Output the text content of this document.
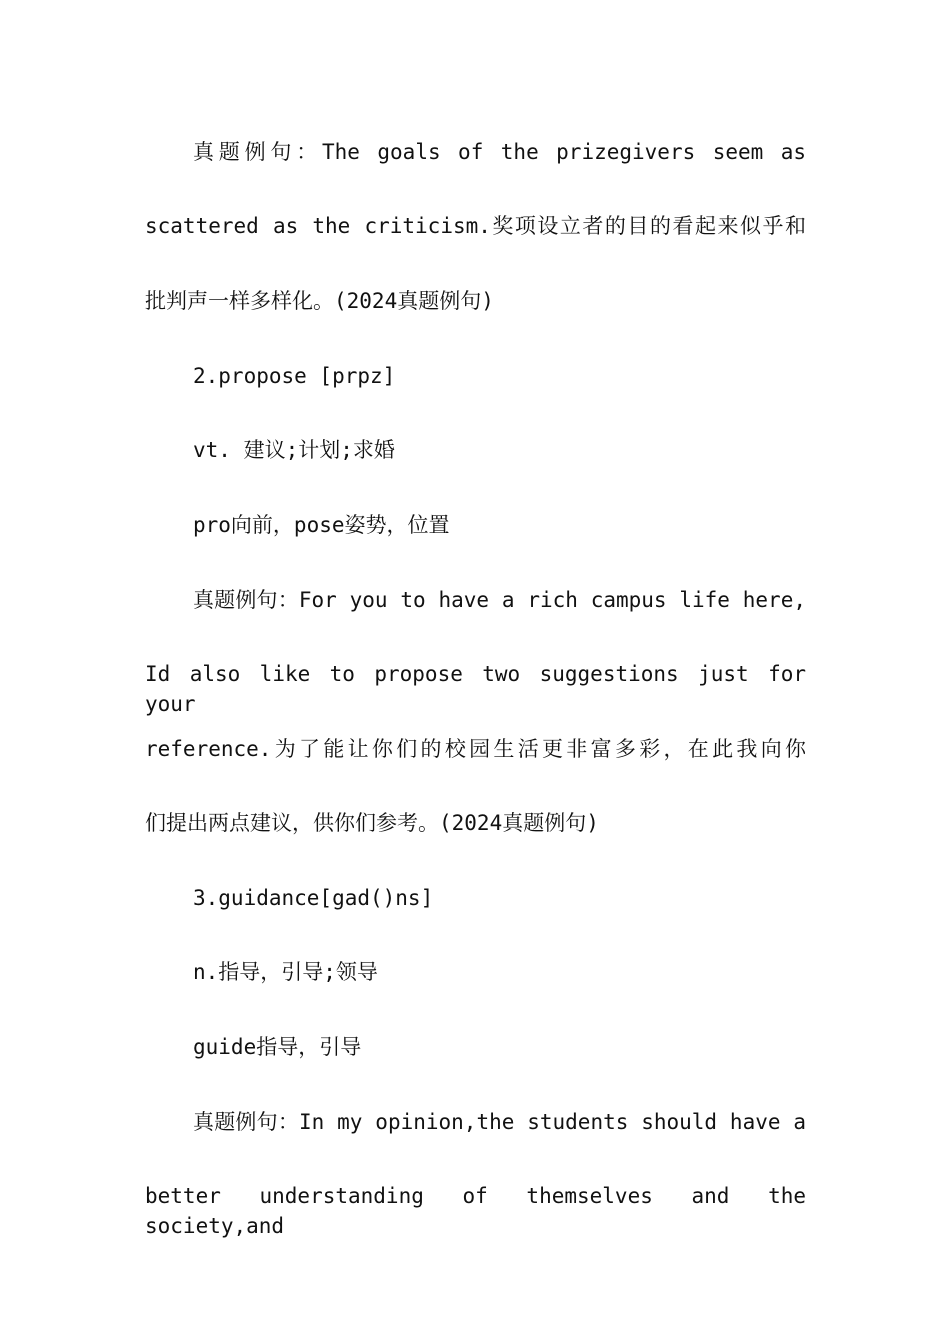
真题例句：The goals of the prizegivers seem as
scattered as the criticism.奖项设立者的目的看起来似乎和
批判声一样多样化。(2024真题例句)
2.propose [prpz]
vt. 建议;计划;求婚
pro向前，pose姿势，位置
真题例句：For you to have a rich campus life here,
Id also like to propose two suggestions just for your
reference.为了能让你们的校园生活更非富多彩，在此我向你
们提出两点建议，供你们参考。(2024真题例句)
3.guidance[gad()ns]
n.指导，引导;领导
guide指导，引导
真题例句：In my opinion,the students should have a
better understanding of themselves and the society,and
